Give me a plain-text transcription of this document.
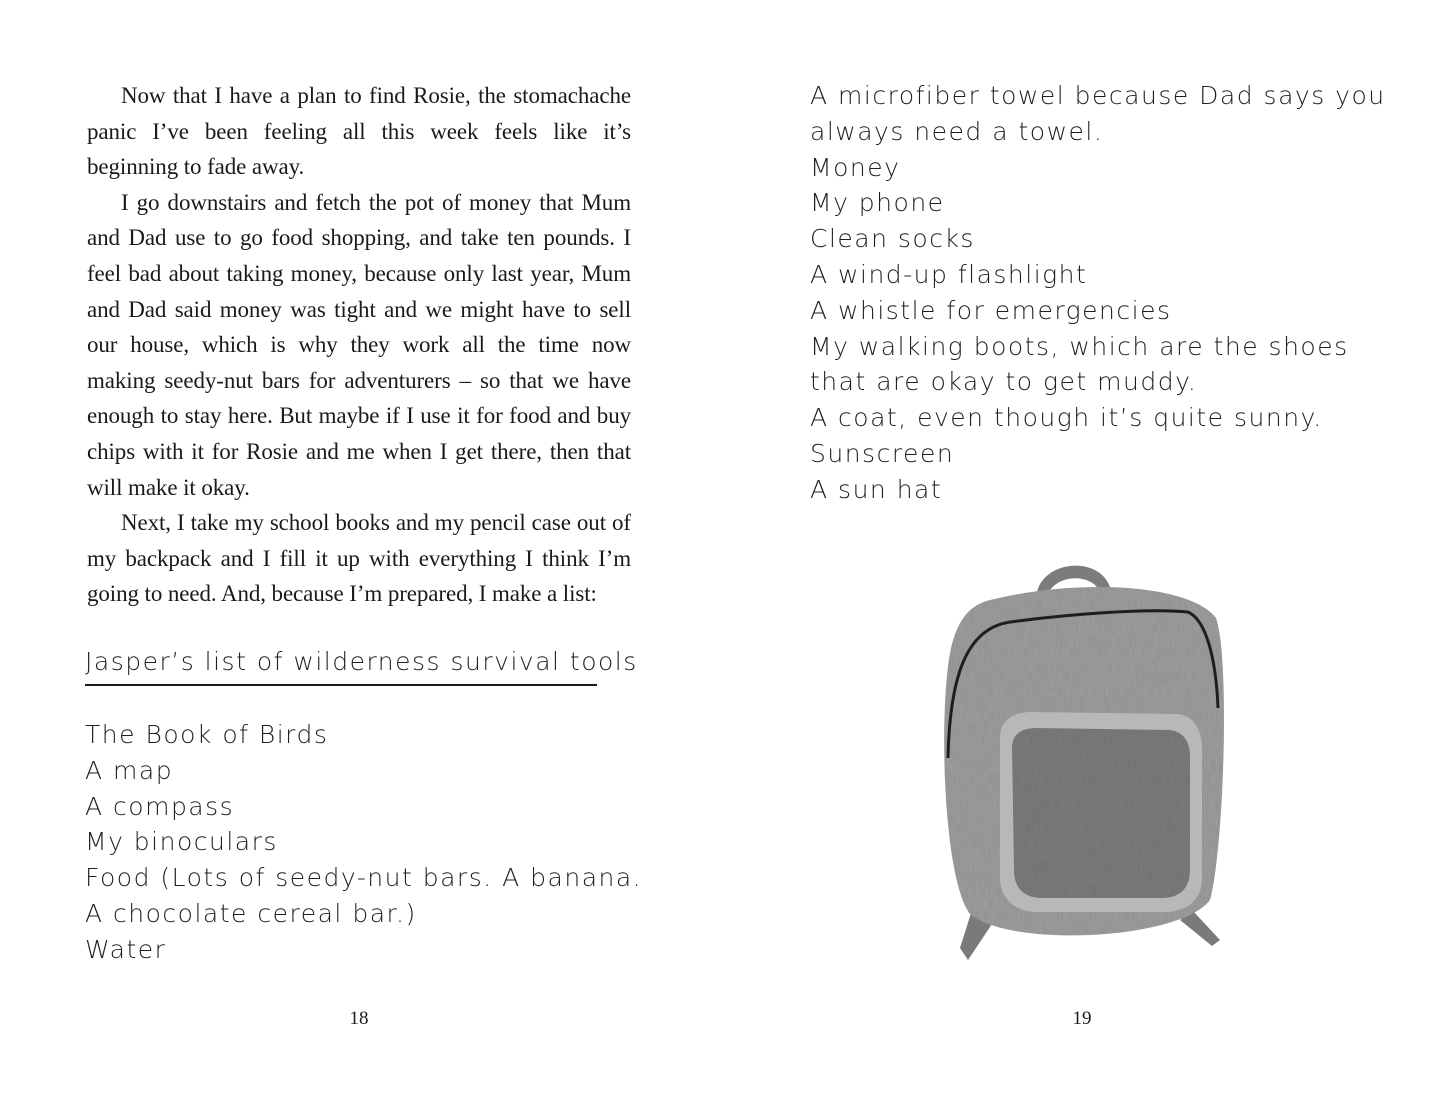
Now that I have a plan to find Rosie, the stomachache panic I’ve been feeling all this week feels like it’s beginning to fade away.

I go downstairs and fetch the pot of money that Mum and Dad use to go food shopping, and take ten pounds. I feel bad about taking money, because only last year, Mum and Dad said money was tight and we might have to sell our house, which is why they work all the time now making seedy-nut bars for adventurers – so that we have enough to stay here. But maybe if I use it for food and buy chips with it for Rosie and me when I get there, then that will make it okay.

Next, I take my school books and my pencil case out of my backpack and I fill it up with everything I think I’m going to need. And, because I’m prepared, I make a list:

Jasper’s list of wilderness survival tools
The Book of Birds
A map
A compass
My binoculars
Food (Lots of seedy-nut bars. A banana.
A chocolate cereal bar.)
Water
18
A microfiber towel because Dad says you
always need a towel.
Money
My phone
Clean socks
A wind-up flashlight
A whistle for emergencies
My walking boots, which are the shoes
that are okay to get muddy.
A coat, even though it’s quite sunny.
Sunscreen
A sun hat
19
